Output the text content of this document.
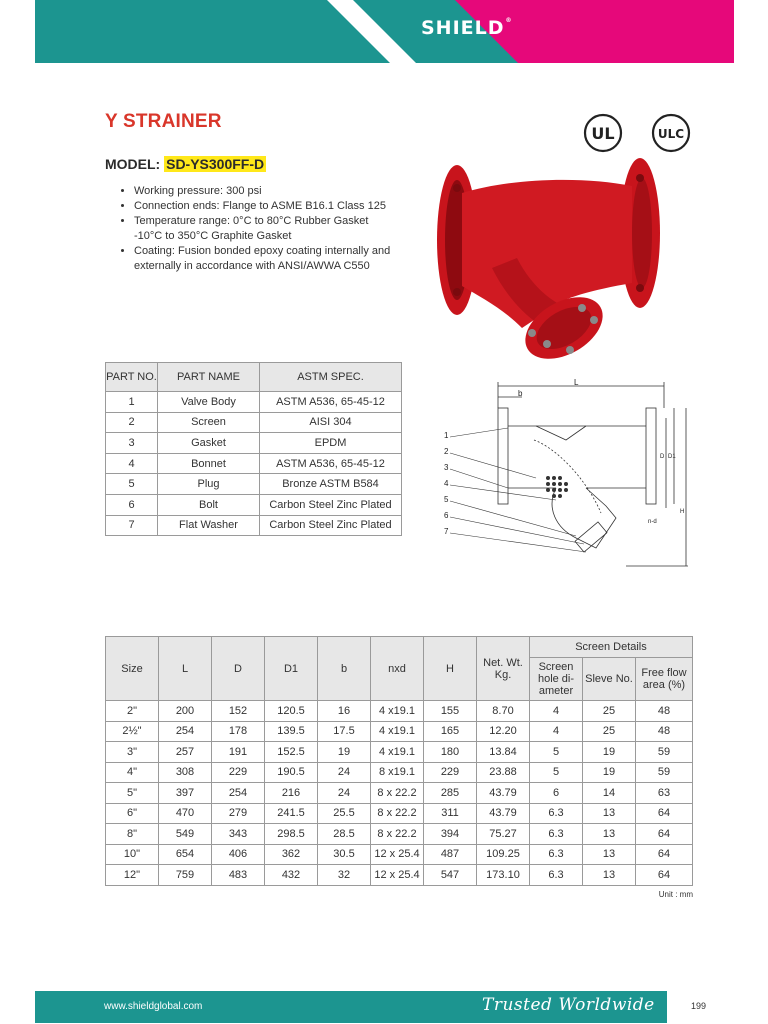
SHIELD®
Y STRAINER
MODEL: SD-YS300FF-D
• Working pressure: 300 psi
• Connection ends: Flange to ASME B16.1 Class 125
• Temperature range: 0°C to 80°C Rubber Gasket
-10°C to 350°C Graphite Gasket
• Coating: Fusion bonded epoxy coating internally and
externally in accordance with ANSI/AWWA C550
UL	ULC
PART NO.	PART NAME	ASTM SPEC.
1	Valve Body	ASTM A536, 65-45-12
2	Screen	AISI 304
3	Gasket	EPDM
4	Bonnet	ASTM A536, 65-45-12
5	Plug	Bronze ASTM B584
6	Bolt	Carbon Steel Zinc Plated
7	Flat Washer	Carbon Steel Zinc Plated
1
2
3
4
5
6
7
L
b
D D1
H
n-d
Size	L	D	D1	b	nxd	H	Net. Wt. Kg.	Screen Details		
								Screen hole di- ameter	Sleve No.	Free flow area (%)
2"	200	152	120.5	16	4 x19.1	155	8.70	4	25	48
2½"	254	178	139.5	17.5	4 x19.1	165	12.20	4	25	48
3"	257	191	152.5	19	4 x19.1	180	13.84	5	19	59
4"	308	229	190.5	24	8 x19.1	229	23.88	5	19	59
5"	397	254	216	24	8 x 22.2	285	43.79	6	14	63
6"	470	279	241.5	25.5	8 x 22.2	311	43.79	6.3	13	64
8"	549	343	298.5	28.5	8 x 22.2	394	75.27	6.3	13	64
10"	654	406	362	30.5	12 x 25.4	487	109.25	6.3	13	64
12"	759	483	432	32	12 x 25.4	547	173.10	6.3	13	64
Unit : mm
www.shieldglobal.com	Trusted Worldwide	199
